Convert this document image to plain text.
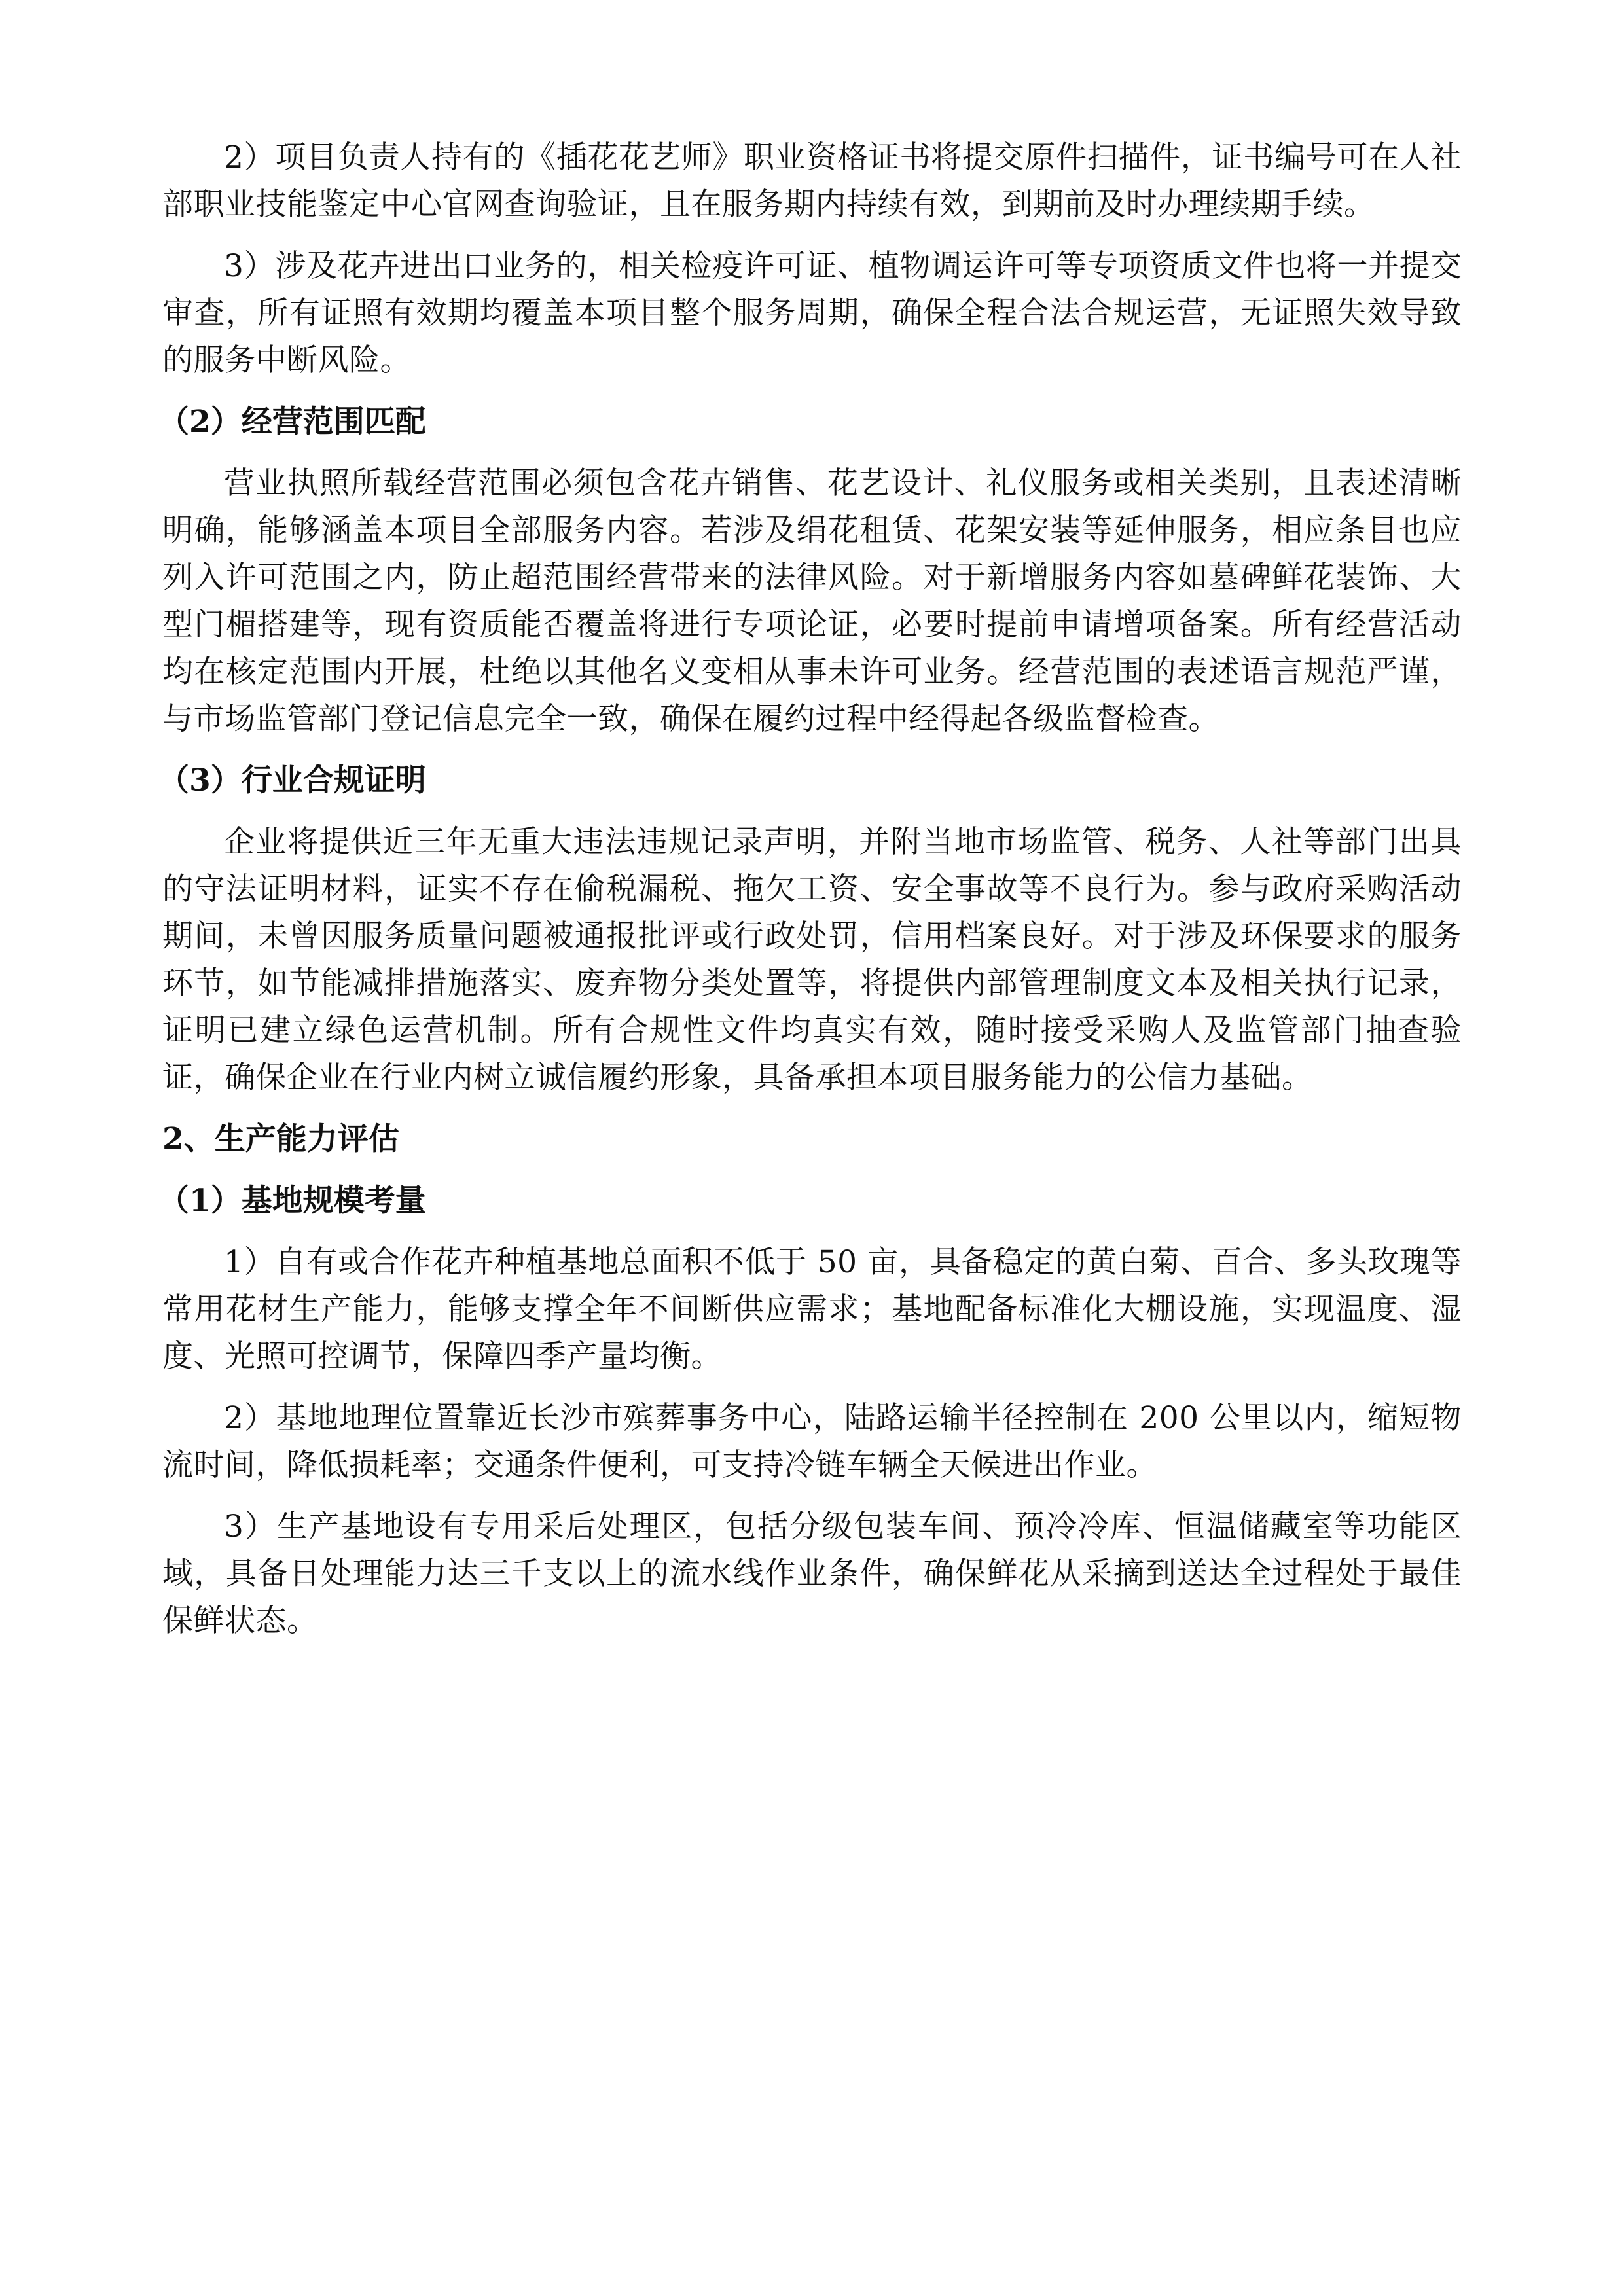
2）项目负责人持有的《插花花艺师》职业资格证书将提交原件扫描件，证书编号可在人社部职业技能鉴定中心官网查询验证，且在服务期内持续有效，到期前及时办理续期手续。

3）涉及花卉进出口业务的，相关检疫许可证、植物调运许可等专项资质文件也将一并提交审查，所有证照有效期均覆盖本项目整个服务周期，确保全程合法合规运营，无证照失效导致的服务中断风险。

（2）经营范围匹配

营业执照所载经营范围必须包含花卉销售、花艺设计、礼仪服务或相关类别，且表述清晰明确，能够涵盖本项目全部服务内容。若涉及绢花租赁、花架安装等延伸服务，相应条目也应列入许可范围之内，防止超范围经营带来的法律风险。对于新增服务内容如墓碑鲜花装饰、大型门楣搭建等，现有资质能否覆盖将进行专项论证，必要时提前申请增项备案。所有经营活动均在核定范围内开展，杜绝以其他名义变相从事未许可业务。经营范围的表述语言规范严谨，与市场监管部门登记信息完全一致，确保在履约过程中经得起各级监督检查。

（3）行业合规证明

企业将提供近三年无重大违法违规记录声明，并附当地市场监管、税务、人社等部门出具的守法证明材料，证实不存在偷税漏税、拖欠工资、安全事故等不良行为。参与政府采购活动期间，未曾因服务质量问题被通报批评或行政处罚，信用档案良好。对于涉及环保要求的服务环节，如节能减排措施落实、废弃物分类处置等，将提供内部管理制度文本及相关执行记录，证明已建立绿色运营机制。所有合规性文件均真实有效，随时接受采购人及监管部门抽查验证，确保企业在行业内树立诚信履约形象，具备承担本项目服务能力的公信力基础。

2、生产能力评估

（1）基地规模考量

1）自有或合作花卉种植基地总面积不低于 50 亩，具备稳定的黄白菊、百合、多头玫瑰等常用花材生产能力，能够支撑全年不间断供应需求；基地配备标准化大棚设施，实现温度、湿度、光照可控调节，保障四季产量均衡。

2）基地地理位置靠近长沙市殡葬事务中心，陆路运输半径控制在 200 公里以内，缩短物流时间，降低损耗率；交通条件便利，可支持冷链车辆全天候进出作业。

3）生产基地设有专用采后处理区，包括分级包装车间、预冷冷库、恒温储藏室等功能区域，具备日处理能力达三千支以上的流水线作业条件，确保鲜花从采摘到送达全过程处于最佳保鲜状态。
